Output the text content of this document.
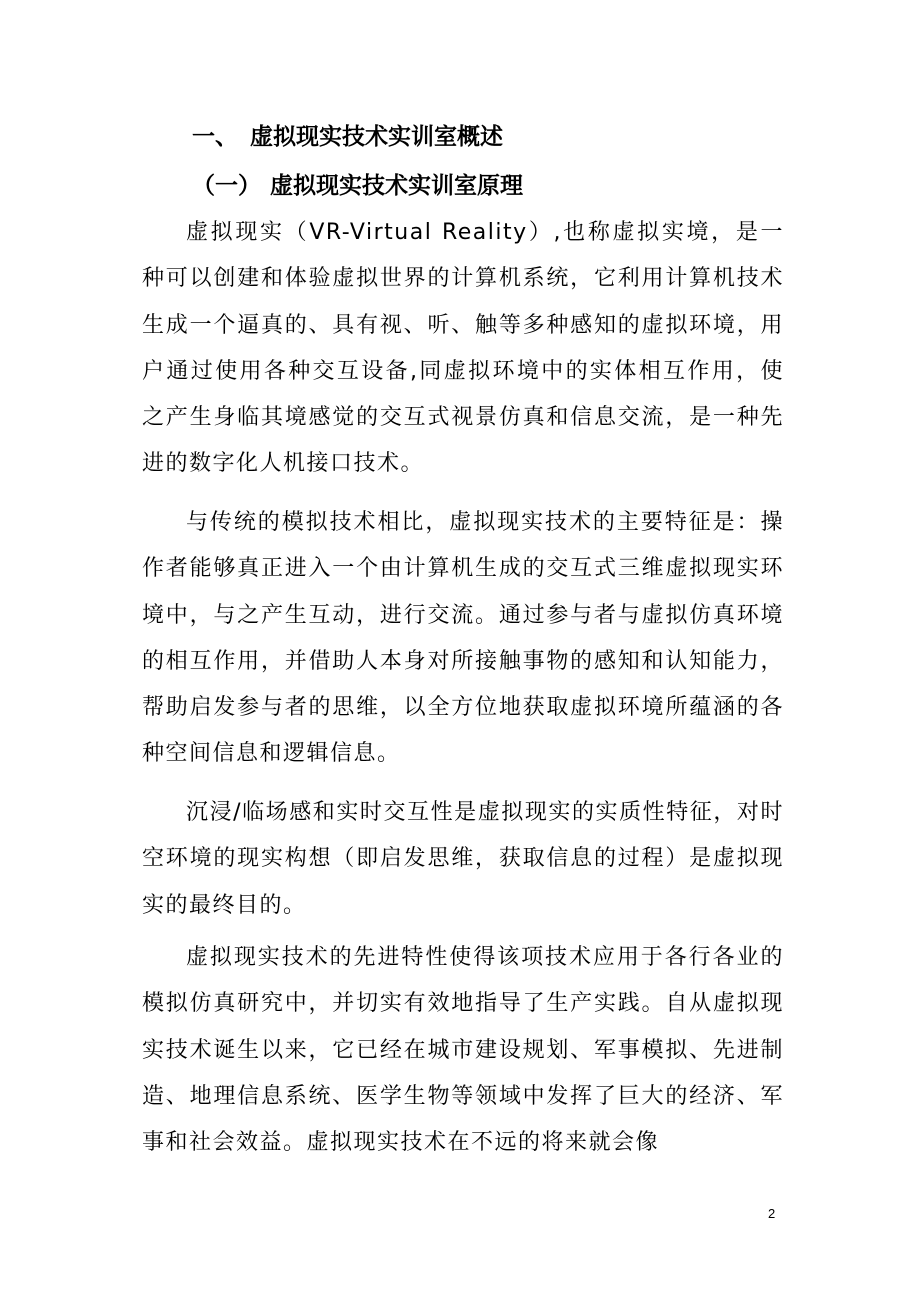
一、 虚拟现实技术实训室概述
（一） 虚拟现实技术实训室原理

虚拟现实（VR-Virtual Reality）,也称虚拟实境，是一种可以创建和体验虚拟世界的计算机系统，它利用计算机技术生成一个逼真的、具有视、听、触等多种感知的虚拟环境，用户通过使用各种交互设备,同虚拟环境中的实体相互作用，使之产生身临其境感觉的交互式视景仿真和信息交流，是一种先进的数字化人机接口技术。

与传统的模拟技术相比，虚拟现实技术的主要特征是：操作者能够真正进入一个由计算机生成的交互式三维虚拟现实环境中，与之产生互动，进行交流。通过参与者与虚拟仿真环境的相互作用，并借助人本身对所接触事物的感知和认知能力，帮助启发参与者的思维，以全方位地获取虚拟环境所蕴涵的各种空间信息和逻辑信息。

沉浸/临场感和实时交互性是虚拟现实的实质性特征，对时空环境的现实构想（即启发思维，获取信息的过程）是虚拟现实的最终目的。

虚拟现实技术的先进特性使得该项技术应用于各行各业的模拟仿真研究中，并切实有效地指导了生产实践。自从虚拟现实技术诞生以来，它已经在城市建设规划、军事模拟、先进制造、地理信息系统、医学生物等领域中发挥了巨大的经济、军事和社会效益。虚拟现实技术在不远的将来就会像

2
